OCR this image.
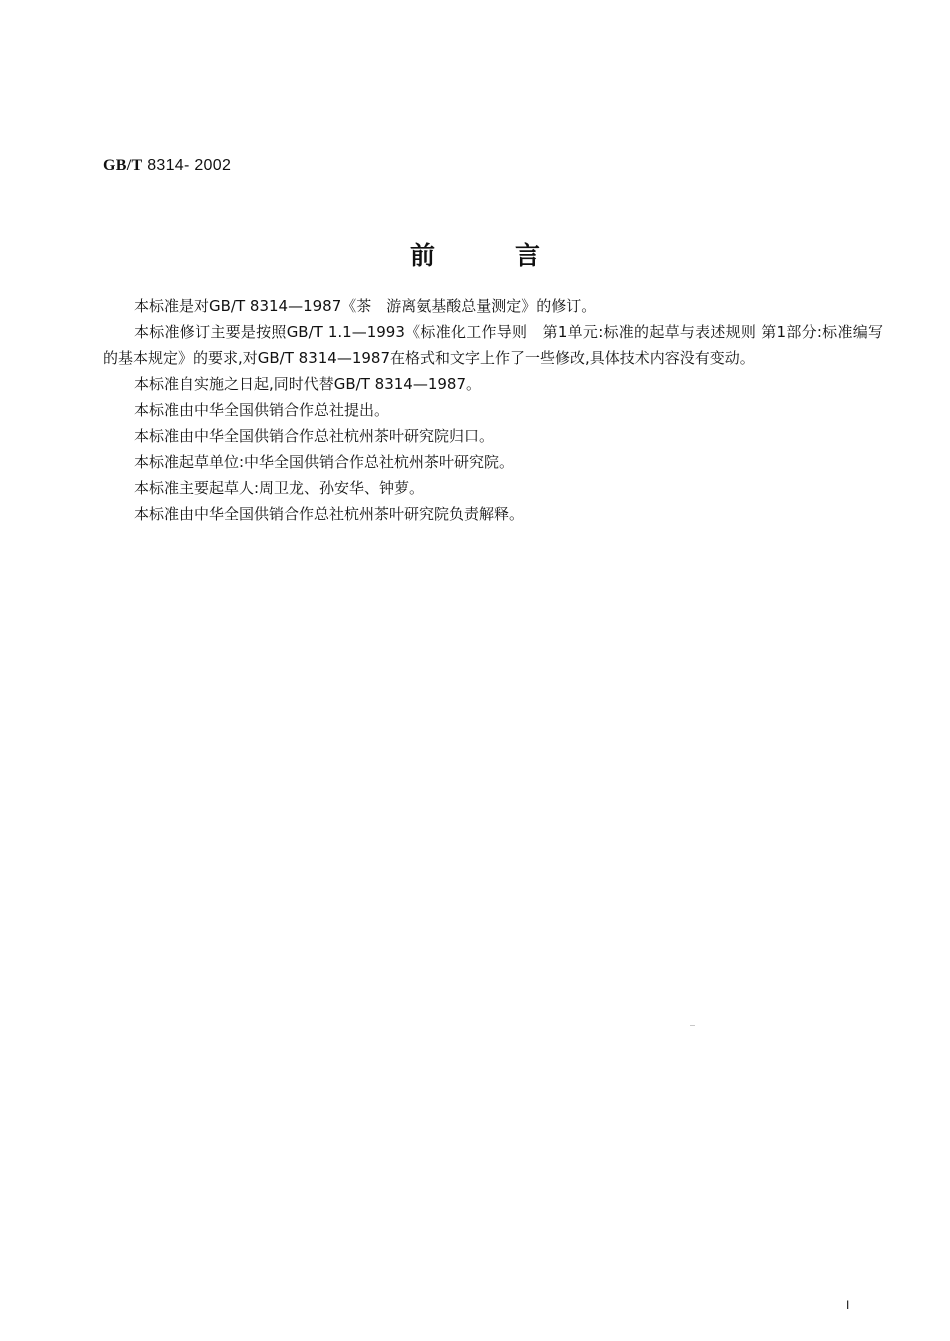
GB/T 8314- 2002
前	言

本标准是对GB/T 8314—1987《茶　游离氨基酸总量测定》的修订。

本标准修订主要是按照GB/T 1.1—1993《标准化工作导则　第1单元:标准的起草与表述规则 第1部分:标准编写的基本规定》的要求,对GB/T 8314—1987在格式和文字上作了一些修改,具体技术内容没有变动。

本标准自实施之日起,同时代替GB/T 8314—1987。

本标准由中华全国供销合作总社提出。

本标准由中华全国供销合作总社杭州茶叶研究院归口。

本标准起草单位:中华全国供销合作总社杭州茶叶研究院。

本标准主要起草人:周卫龙、孙安华、钟萝。

本标准由中华全国供销合作总社杭州茶叶研究院负责解释。

I
